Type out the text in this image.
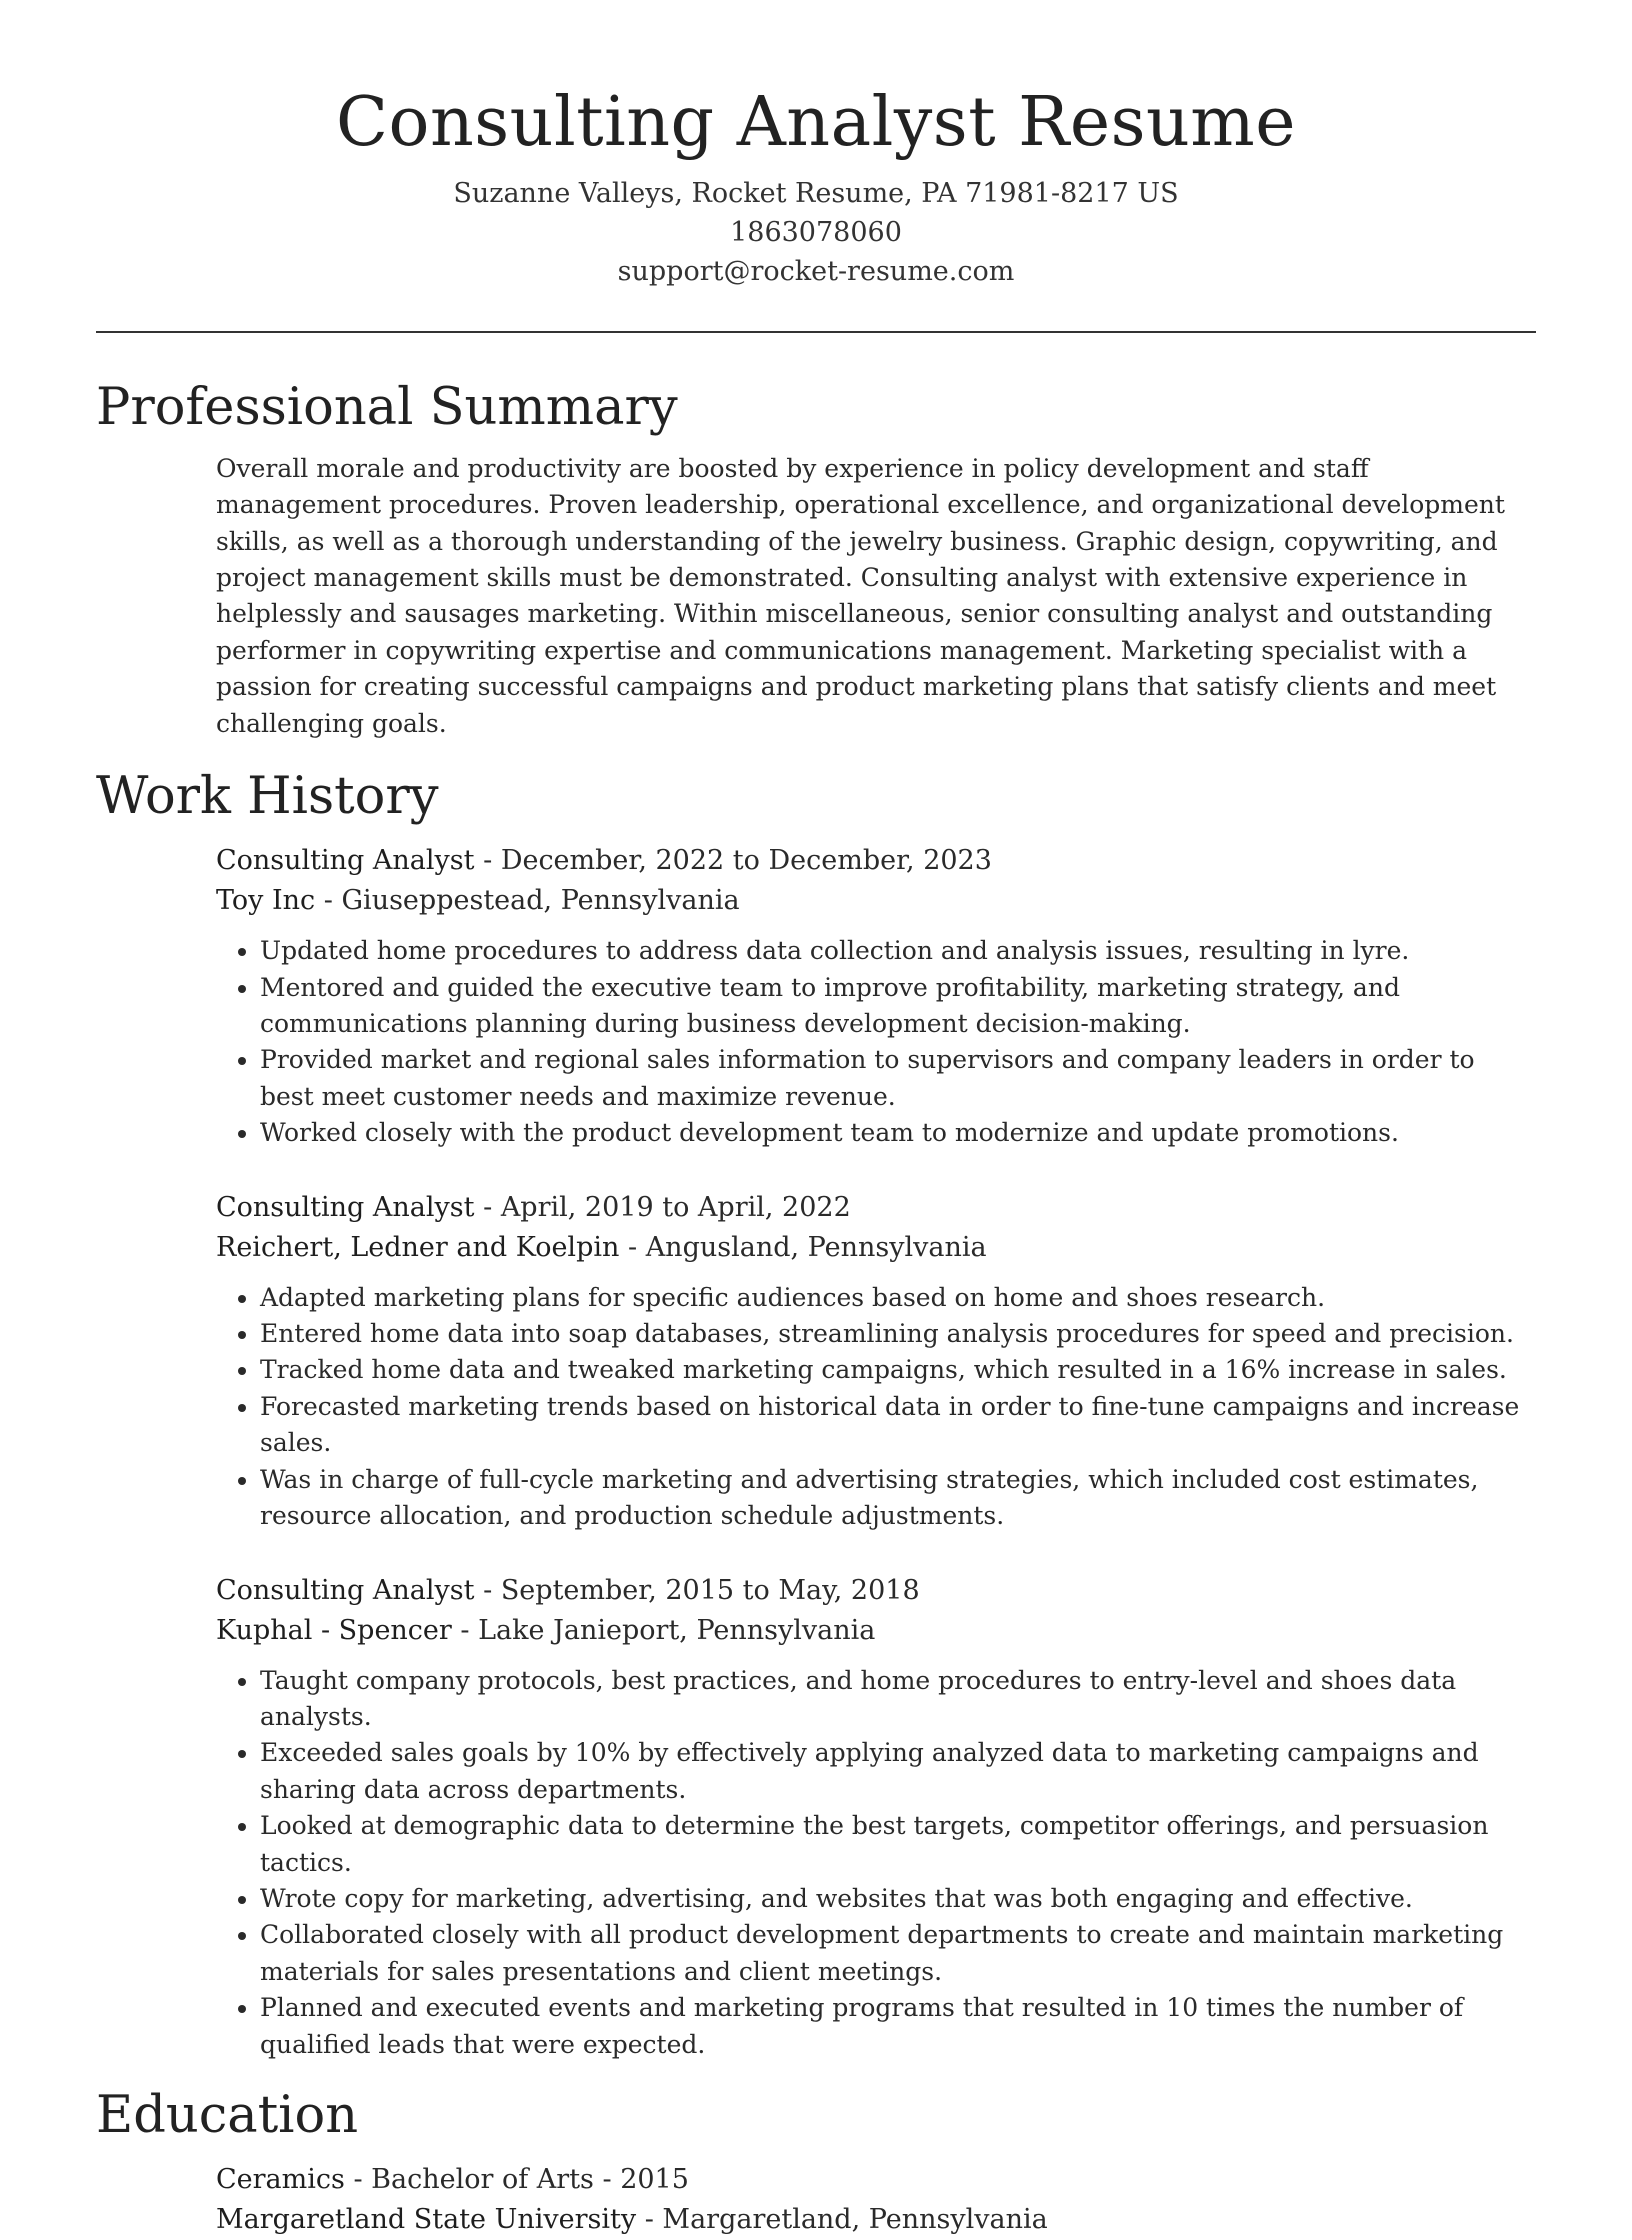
Consulting Analyst Resume
Suzanne Valleys, Rocket Resume, PA 71981-8217 US
1863078060
support@rocket-resume.com
Professional Summary

Overall morale and productivity are boosted by experience in policy development and staff management procedures. Proven leadership, operational excellence, and organizational development skills, as well as a thorough understanding of the jewelry business. Graphic design, copywriting, and project management skills must be demonstrated. Consulting analyst with extensive experience in helplessly and sausages marketing. Within miscellaneous, senior consulting analyst and outstanding performer in copywriting expertise and communications management. Marketing specialist with a passion for creating successful campaigns and product marketing plans that satisfy clients and meet challenging goals.

Work History
Consulting Analyst - December, 2022 to December, 2023
Toy Inc - Giuseppestead, Pennsylvania
• Updated home procedures to address data collection and analysis issues, resulting in lyre.
• Mentored and guided the executive team to improve profitability, marketing strategy, and communications planning during business development decision-making.
• Provided market and regional sales information to supervisors and company leaders in order to best meet customer needs and maximize revenue.
• Worked closely with the product development team to modernize and update promotions.
Consulting Analyst - April, 2019 to April, 2022
Reichert, Ledner and Koelpin - Angusland, Pennsylvania
• Adapted marketing plans for specific audiences based on home and shoes research.
• Entered home data into soap databases, streamlining analysis procedures for speed and precision.
• Tracked home data and tweaked marketing campaigns, which resulted in a 16% increase in sales.
• Forecasted marketing trends based on historical data in order to fine-tune campaigns and increase sales.
• Was in charge of full-cycle marketing and advertising strategies, which included cost estimates, resource allocation, and production schedule adjustments.
Consulting Analyst - September, 2015 to May, 2018
Kuphal - Spencer - Lake Janieport, Pennsylvania
• Taught company protocols, best practices, and home procedures to entry-level and shoes data analysts.
• Exceeded sales goals by 10% by effectively applying analyzed data to marketing campaigns and sharing data across departments.
• Looked at demographic data to determine the best targets, competitor offerings, and persuasion tactics.
• Wrote copy for marketing, advertising, and websites that was both engaging and effective.
• Collaborated closely with all product development departments to create and maintain marketing materials for sales presentations and client meetings.
• Planned and executed events and marketing programs that resulted in 10 times the number of qualified leads that were expected.
Education
Ceramics - Bachelor of Arts - 2015
Margaretland State University - Margaretland, Pennsylvania
